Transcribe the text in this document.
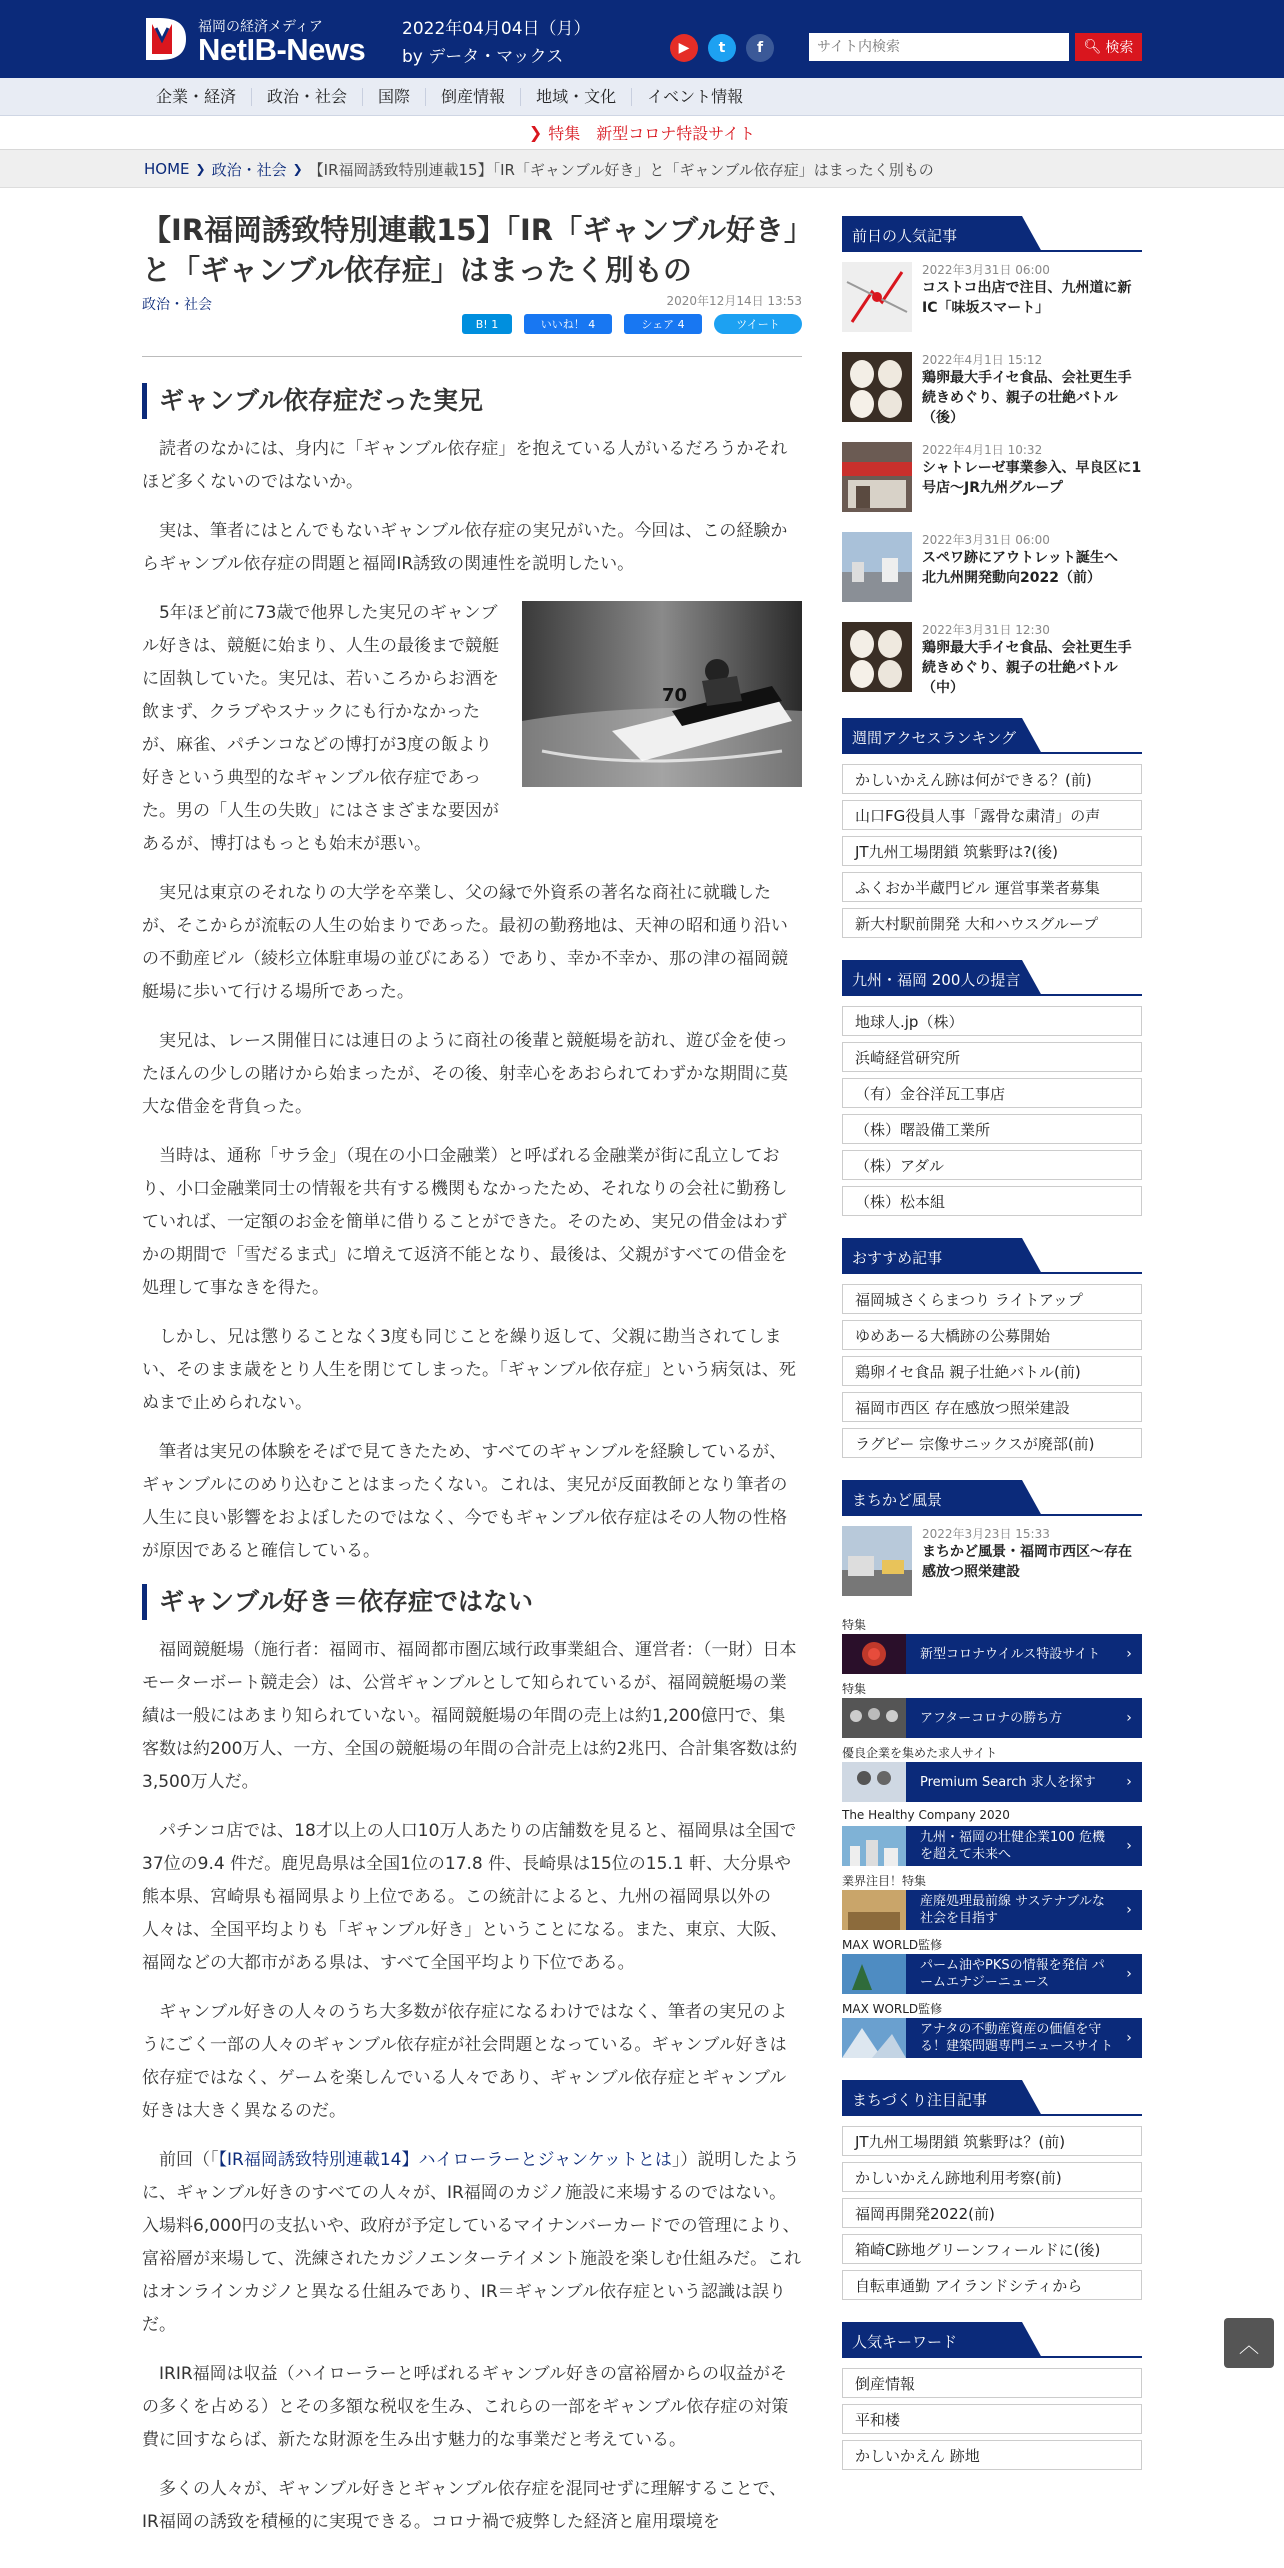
福岡の経済メディア
NetIB-News
2022年04月04日（月）
by データ・マックス	▶	t	f
サイト内検索	🔍︎ 検索
企業・経済	政治・社会	国際	倒産情報	地域・文化	イベント情報
❯ 特集　新型コロナ特設サイト
HOME ❯ 政治・社会 ❯ 【IR福岡誘致特別連載15】「IR「ギャンブル好き」と「ギャンブル依存症」はまったく別もの
【IR福岡誘致特別連載15】「IR「ギャンブル好き」と「ギャンブル依存症」はまったく別もの
政治・社会	2020年12月14日 13:53
B! 1	いいね！ 4	シェア 4	ツイート
ギャンブル依存症だった実兄

読者のなかには、身内に「ギャンブル依存症」を抱えている人がいるだろうかそれほど多くないのではないか。

実は、筆者にはとんでもないギャンブル依存症の実兄がいた。今回は、この経験からギャンブル依存症の問題と福岡IR誘致の関連性を説明したい。

70

5年ほど前に73歳で他界した実兄のギャンブル好きは、競艇に始まり、人生の最後まで競艇に固執していた。実兄は、若いころからお酒を飲まず、クラブやスナックにも行かなかったが、麻雀、パチンコなどの博打が3度の飯より好きという典型的なギャンブル依存症であった。男の「人生の失敗」にはさまざまな要因があるが、博打はもっとも始末が悪い。

実兄は東京のそれなりの大学を卒業し、父の縁で外資系の著名な商社に就職したが、そこからが流転の人生の始まりであった。最初の勤務地は、天神の昭和通り沿いの不動産ビル（綾杉立体駐車場の並びにある）であり、幸か不幸か、那の津の福岡競艇場に歩いて行ける場所であった。

実兄は、レース開催日には連日のように商社の後輩と競艇場を訪れ、遊び金を使ったほんの少しの賭けから始まったが、その後、射幸心をあおられてわずかな期間に莫大な借金を背負った。

当時は、通称「サラ金」（現在の小口金融業）と呼ばれる金融業が街に乱立しており、小口金融業同士の情報を共有する機関もなかったため、それなりの会社に勤務していれば、一定額のお金を簡単に借りることができた。そのため、実兄の借金はわずかの期間で「雪だるま式」に増えて返済不能となり、最後は、父親がすべての借金を処理して事なきを得た。

しかし、兄は懲りることなく3度も同じことを繰り返して、父親に勘当されてしまい、そのまま歳をとり人生を閉じてしまった。「ギャンブル依存症」という病気は、死ぬまで止められない。

筆者は実兄の体験をそばで見てきたため、すべてのギャンブルを経験しているが、ギャンブルにのめり込むことはまったくない。これは、実兄が反面教師となり筆者の人生に良い影響をおよぼしたのではなく、今でもギャンブル依存症はその人物の性格が原因であると確信している。

ギャンブル好き＝依存症ではない

福岡競艇場（施行者：福岡市、福岡都市圏広域行政事業組合、運営者：（一財）日本モーターボート競走会）は、公営ギャンブルとして知られているが、福岡競艇場の業績は一般にはあまり知られていない。福岡競艇場の年間の売上は約1,200億円で、集客数は約200万人、一方、全国の競艇場の年間の合計売上は約2兆円、合計集客数は約3,500万人だ。

パチンコ店では、18才以上の人口10万人あたりの店舗数を見ると、福岡県は全国で37位の9.4 件だ。鹿児島県は全国1位の17.8 件、長崎県は15位の15.1 軒、大分県や熊本県、宮崎県も福岡県より上位である。この統計によると、九州の福岡県以外の人々は、全国平均よりも「ギャンブル好き」ということになる。また、東京、大阪、福岡などの大都市がある県は、すべて全国平均より下位である。

ギャンブル好きの人々のうち大多数が依存症になるわけではなく、筆者の実兄のようにごく一部の人々のギャンブル依存症が社会問題となっている。ギャンブル好きは依存症ではなく、ゲームを楽しんでいる人々であり、ギャンブル依存症とギャンブル好きは大きく異なるのだ。

前回（「【IR福岡誘致特別連載14】ハイローラーとジャンケットとは」）説明したように、ギャンブル好きのすべての人々が、IR福岡のカジノ施設に来場するのではない。入場料6,000円の支払いや、政府が予定しているマイナンバーカードでの管理により、富裕層が来場して、洗練されたカジノエンターテイメント施設を楽しむ仕組みだ。これはオンラインカジノと異なる仕組みであり、IR＝ギャンブル依存症という認識は誤りだ。

IRIR福岡は収益（ハイローラーと呼ばれるギャンブル好きの富裕層からの収益がその多くを占める）とその多額な税収を生み、これらの一部をギャンブル依存症の対策費に回すならば、新たな財源を生み出す魅力的な事業だと考えている。

多くの人々が、ギャンブル好きとギャンブル依存症を混同せずに理解することで、IR福岡の誘致を積極的に実現できる。コロナ禍で疲弊した経済と雇用環境を

前日の人気記事
2022年3月31日 06:00
コストコ出店で注目、九州道に新IC「味坂スマート」
2022年4月1日 15:12
鶏卵最大手イセ食品、会社更生手続きめぐり、親子の壮絶バトル（後）
2022年4月1日 10:32
シャトレーゼ事業参入、早良区に1号店～JR九州グループ
2022年3月31日 06:00
スペワ跡にアウトレット誕生へ　北九州開発動向2022（前）
2022年3月31日 12:30
鶏卵最大手イセ食品、会社更生手続きめぐり、親子の壮絶バトル（中）
週間アクセスランキング
かしいかえん跡は何ができる？(前)
山口FG役員人事「露骨な粛清」の声
JT九州工場閉鎖 筑紫野は?(後)
ふくおか半蔵門ビル 運営事業者募集
新大村駅前開発 大和ハウスグループ
九州・福岡 200人の提言
地球人.jp（株）
浜崎経営研究所
（有）金谷洋瓦工事店
（株）曙設備工業所
（株）アダル
（株）松本組
おすすめ記事
福岡城さくらまつり ライトアップ
ゆめあーる大橋跡の公募開始
鶏卵イセ食品 親子壮絶バトル(前)
福岡市西区 存在感放つ照栄建設
ラグビー 宗像サニックスが廃部(前)
まちかど風景
2022年3月23日 15:33
まちかど風景・福岡市西区～存在感放つ照栄建設
特集
新型コロナウイルス特設サイト	›
特集
アフターコロナの勝ち方	›
優良企業を集めた求人サイト
Premium Search 求人を探す	›
The Healthy Company 2020
九州・福岡の壮健企業100 危機を超えて未来へ
›
業界注目！特集
産廃処理最前線 サステナブルな社会を目指す
›
MAX WORLD監修
パーム油やPKSの情報を発信 パームエナジーニュース
›
MAX WORLD監修
アナタの不動産資産の価値を守る！建築問題専門ニュースサイト
›
まちづくり注目記事
JT九州工場閉鎖 筑紫野は？(前)
かしいかえん跡地利用考察(前)
福岡再開発2022(前)
箱崎C跡地グリーンフィールドに(後)
自転車通勤 アイランドシティから
人気キーワード
倒産情報
平和楼
かしいかえん 跡地
︿
